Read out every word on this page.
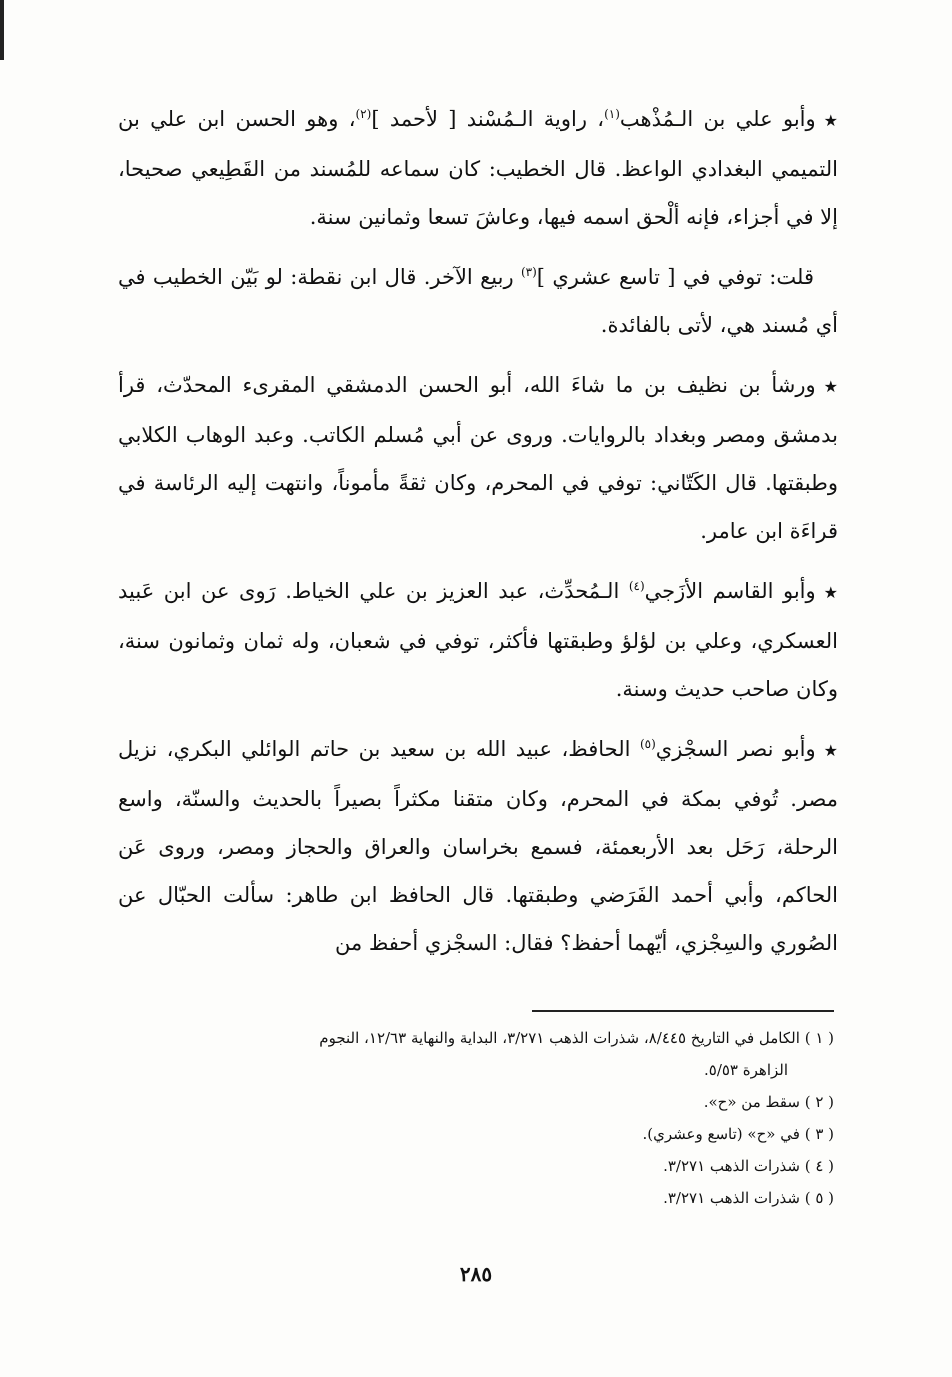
★وأبو علي بن الـمُذْهب$^{(١)}$، راوية الـمُسْند [ لأحمد ]$^{(٢)}$، وهو الحسن ابن علي بن التميمي البغدادي الواعظ. قال الخطيب: كان سماعه للمُسند من القَطِيعي صحيحا، إلا في أجزاء، فإنه ألْحق اسمه فيها، وعاشَ تسعا وثمانين سنة.

قلت: توفي في [ تاسع عشري ]$^{(٣)}$ ربيع الآخر. قال ابن نقطة: لو بَيّن الخطيب في أي مُسند هي، لأتى بالفائدة.

★ورشأ بن نظيف بن ما شاءَ الله، أبو الحسن الدمشقي المقرىء المحدّث، قرأ بدمشق ومصر وبغداد بالروايات. وروى عن أبي مُسلم الكاتب. وعبد الوهاب الكلابي وطبقتها. قال الكَتّاني: توفي في المحرم، وكان ثقةً مأموناً، وانتهت إليه الرئاسة في قراءَة ابن عامر.

★وأبو القاسم الأزَجي$^{(٤)}$ الـمُحدِّث، عبد العزيز بن علي الخياط. رَوى عن ابن عَبيد العسكري، وعلي بن لؤلؤ وطبقتها فأكثر، توفي في شعبان، وله ثمان وثمانون سنة، وكان صاحب حديث وسنة.

★وأبو نصر السجْزي$^{(٥)}$ الحافظ، عبيد الله بن سعيد بن حاتم الوائلي البكري، نزيل مصر. تُوفي بمكة في المحرم، وكان متقنا مكثراً بصيراً بالحديث والسنّة، واسع الرحلة، رَحَل بعد الأربعمئة، فسمع بخراسان والعراق والحجاز ومصر، وروى عَن الحاكم، وأبي أحمد الفَرَضي وطبقتها. قال الحافظ ابن طاهر: سألت الحبّال عن الصُوري والسِجْزي، أيّهما أحفظ؟ فقال: السجْزي أحفظ من

( ١ ) الكامل في التاريخ ٨/٤٤٥، شذرات الذهب ٣/٢٧١، البداية والنهاية ١٢/٦٣، النجوم
الزاهرة ٥/٥٣.

( ٢ ) سقط من «ح».

( ٣ ) في «ح» (تاسع وعشري).

( ٤ ) شذرات الذهب ٣/٢٧١.

( ٥ ) شذرات الذهب ٣/٢٧١.

٢٨٥
